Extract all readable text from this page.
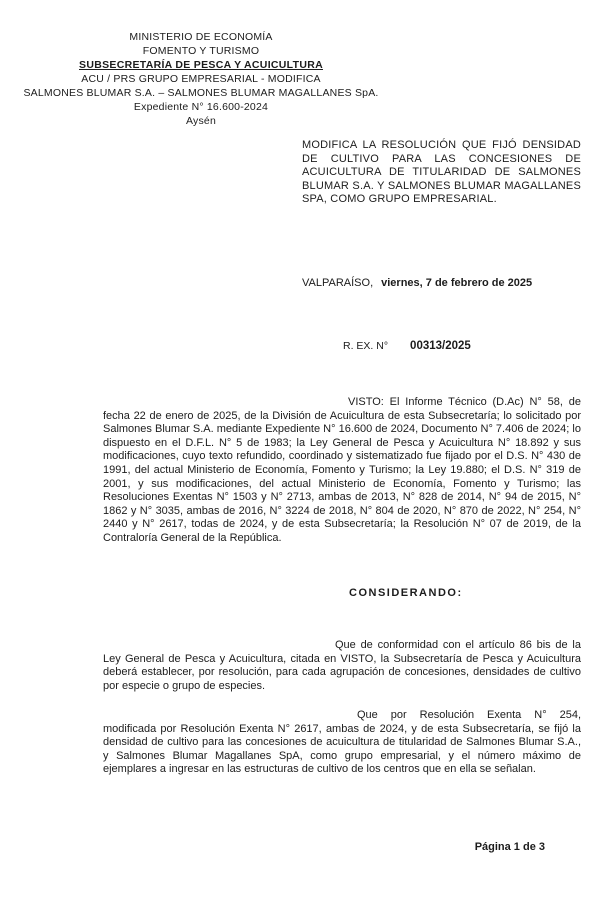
MINISTERIO DE ECONOMÍA
FOMENTO Y TURISMO
SUBSECRETARÍA DE PESCA Y ACUICULTURA
ACU / PRS GRUPO EMPRESARIAL - MODIFICA
SALMONES BLUMAR S.A. – SALMONES BLUMAR MAGALLANES SpA.
Expediente N° 16.600-2024
Aysén
MODIFICA LA RESOLUCIÓN QUE FIJÓ DENSIDAD DE CULTIVO PARA LAS CONCESIONES DE ACUICULTURA DE TITULARIDAD DE SALMONES BLUMAR S.A. Y SALMONES BLUMAR MAGALLANES SPA, COMO GRUPO EMPRESARIAL.
VALPARAÍSO, viernes, 7 de febrero de 2025
R. EX. N° 00313/2025
VISTO: El Informe Técnico (D.Ac) N° 58, de fecha 22 de enero de 2025, de la División de Acuicultura de esta Subsecretaría; lo solicitado por Salmones Blumar S.A. mediante Expediente N° 16.600 de 2024, Documento N° 7.406 de 2024; lo dispuesto en el D.F.L. N° 5 de 1983; la Ley General de Pesca y Acuicultura N° 18.892 y sus modificaciones, cuyo texto refundido, coordinado y sistematizado fue fijado por el D.S. N° 430 de 1991, del actual Ministerio de Economía, Fomento y Turismo; la Ley 19.880; el D.S. N° 319 de 2001, y sus modificaciones, del actual Ministerio de Economía, Fomento y Turismo; las Resoluciones Exentas N° 1503 y N° 2713, ambas de 2013, N° 828 de 2014, N° 94 de 2015, N° 1862 y N° 3035, ambas de 2016, N° 3224 de 2018, N° 804 de 2020, N° 870 de 2022, N° 254, N° 2440 y N° 2617, todas de 2024, y de esta Subsecretaría; la Resolución N° 07 de 2019, de la Contraloría General de la República.
CONSIDERANDO:
Que de conformidad con el artículo 86 bis de la Ley General de Pesca y Acuicultura, citada en VISTO, la Subsecretaría de Pesca y Acuicultura deberá establecer, por resolución, para cada agrupación de concesiones, densidades de cultivo por especie o grupo de especies.
Que por Resolución Exenta N° 254, modificada por Resolución Exenta N° 2617, ambas de 2024, y de esta Subsecretaría, se fijó la densidad de cultivo para las concesiones de acuicultura de titularidad de Salmones Blumar S.A., y Salmones Blumar Magallanes SpA, como grupo empresarial, y el número máximo de ejemplares a ingresar en las estructuras de cultivo de los centros que en ella se señalan.
Página 1 de 3
